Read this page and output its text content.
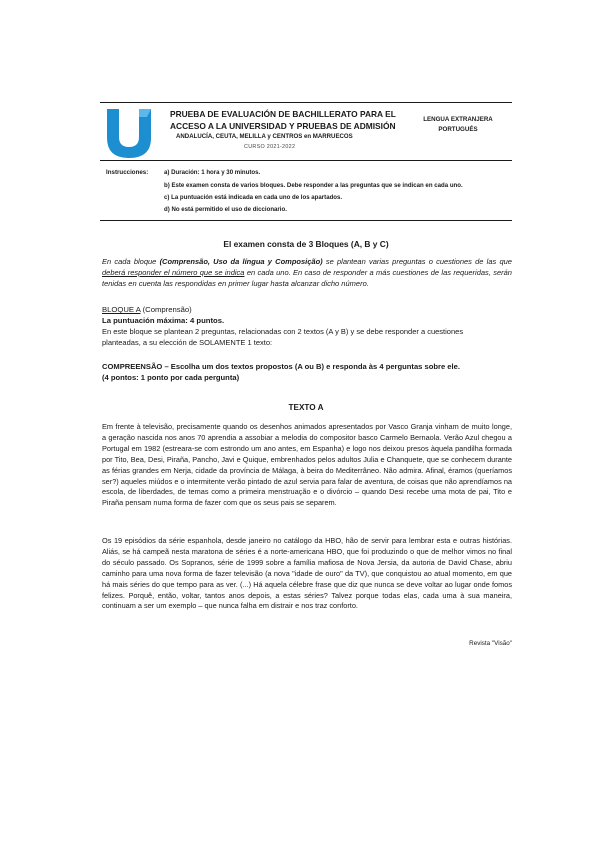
PRUEBA DE EVALUACIÓN DE BACHILLERATO PARA EL ACCESO A LA UNIVERSIDAD Y PRUEBAS DE ADMISIÓN
ANDALUCÍA, CEUTA, MELILLA y CENTROS en MARRUECOS
CURSO 2021-2022
LENGUA EXTRANJERA
PORTUGUÉS
Instrucciones:	a) Duración: 1 hora y 30 minutos.
b) Este examen consta de varios bloques. Debe responder a las preguntas que se indican en cada uno.
c) La puntuación está indicada en cada uno de los apartados.
d) No está permitido el uso de diccionario.
El examen consta de 3 Bloques (A, B y C)
En cada bloque (Comprensão, Uso da língua y Composição) se plantean varias preguntas o cuestiones de las que deberá responder el número que se indica en cada uno. En caso de responder a más cuestiones de las requeridas, serán tenidas en cuenta las respondidas en primer lugar hasta alcanzar dicho número.
BLOQUE A (Comprensão)
La puntuación máxima: 4 puntos.
En este bloque se plantean 2 preguntas, relacionadas con 2 textos (A y B) y se debe responder a cuestiones
planteadas, a su elección de SOLAMENTE 1 texto:
COMPREENSÃO – Escolha um dos textos propostos (A ou B) e responda às 4 perguntas sobre ele.
(4 pontos: 1 ponto por cada pergunta)
TEXTO A
Em frente à televisão, precisamente quando os desenhos animados apresentados por Vasco Granja vinham de muito longe, a geração nascida nos anos 70 aprendia a assobiar a melodia do compositor basco Carmelo Bernaola. Verão Azul chegou a Portugal em 1982 (estreara-se com estrondo um ano antes, em Espanha) e logo nos deixou presos àquela pandilha formada por Tito, Bea, Desi, Piraña, Pancho, Javi e Quique, embrenhados pelos adultos Julia e Chanquete, que se conhecem durante as férias grandes em Nerja, cidade da província de Málaga, à beira do Mediterrâneo. Não admira. Afinal, éramos (queríamos ser?) aqueles miúdos e o intermitente verão pintado de azul servia para falar de aventura, de coisas que não aprendíamos na escola, de liberdades, de temas como a primeira menstruação e o divórcio – quando Desi recebe uma mota de pai, Tito e Piraña pensam numa forma de fazer com que os seus pais se separem.
Os 19 episódios da série espanhola, desde janeiro no catálogo da HBO, hão de servir para lembrar esta e outras histórias. Aliás, se há campeã nesta maratona de séries é a norte-americana HBO, que foi produzindo o que de melhor vimos no final do século passado. Os Sopranos, série de 1999 sobre a família mafiosa de Nova Jersia, da autoria de David Chase, abriu caminho para uma nova forma de fazer televisão (a nova "idade de ouro" da TV), que conquistou ao atual momento, em que há mais séries do que tempo para as ver. (...) Há aquela célebre frase que diz que nunca se deve voltar ao lugar onde fomos felizes. Porquê, então, voltar, tantos anos depois, a estas séries? Talvez porque todas elas, cada uma à sua maneira, continuam a ser um exemplo – que nunca falha em distrair e nos traz conforto.
Revista "Visão"
